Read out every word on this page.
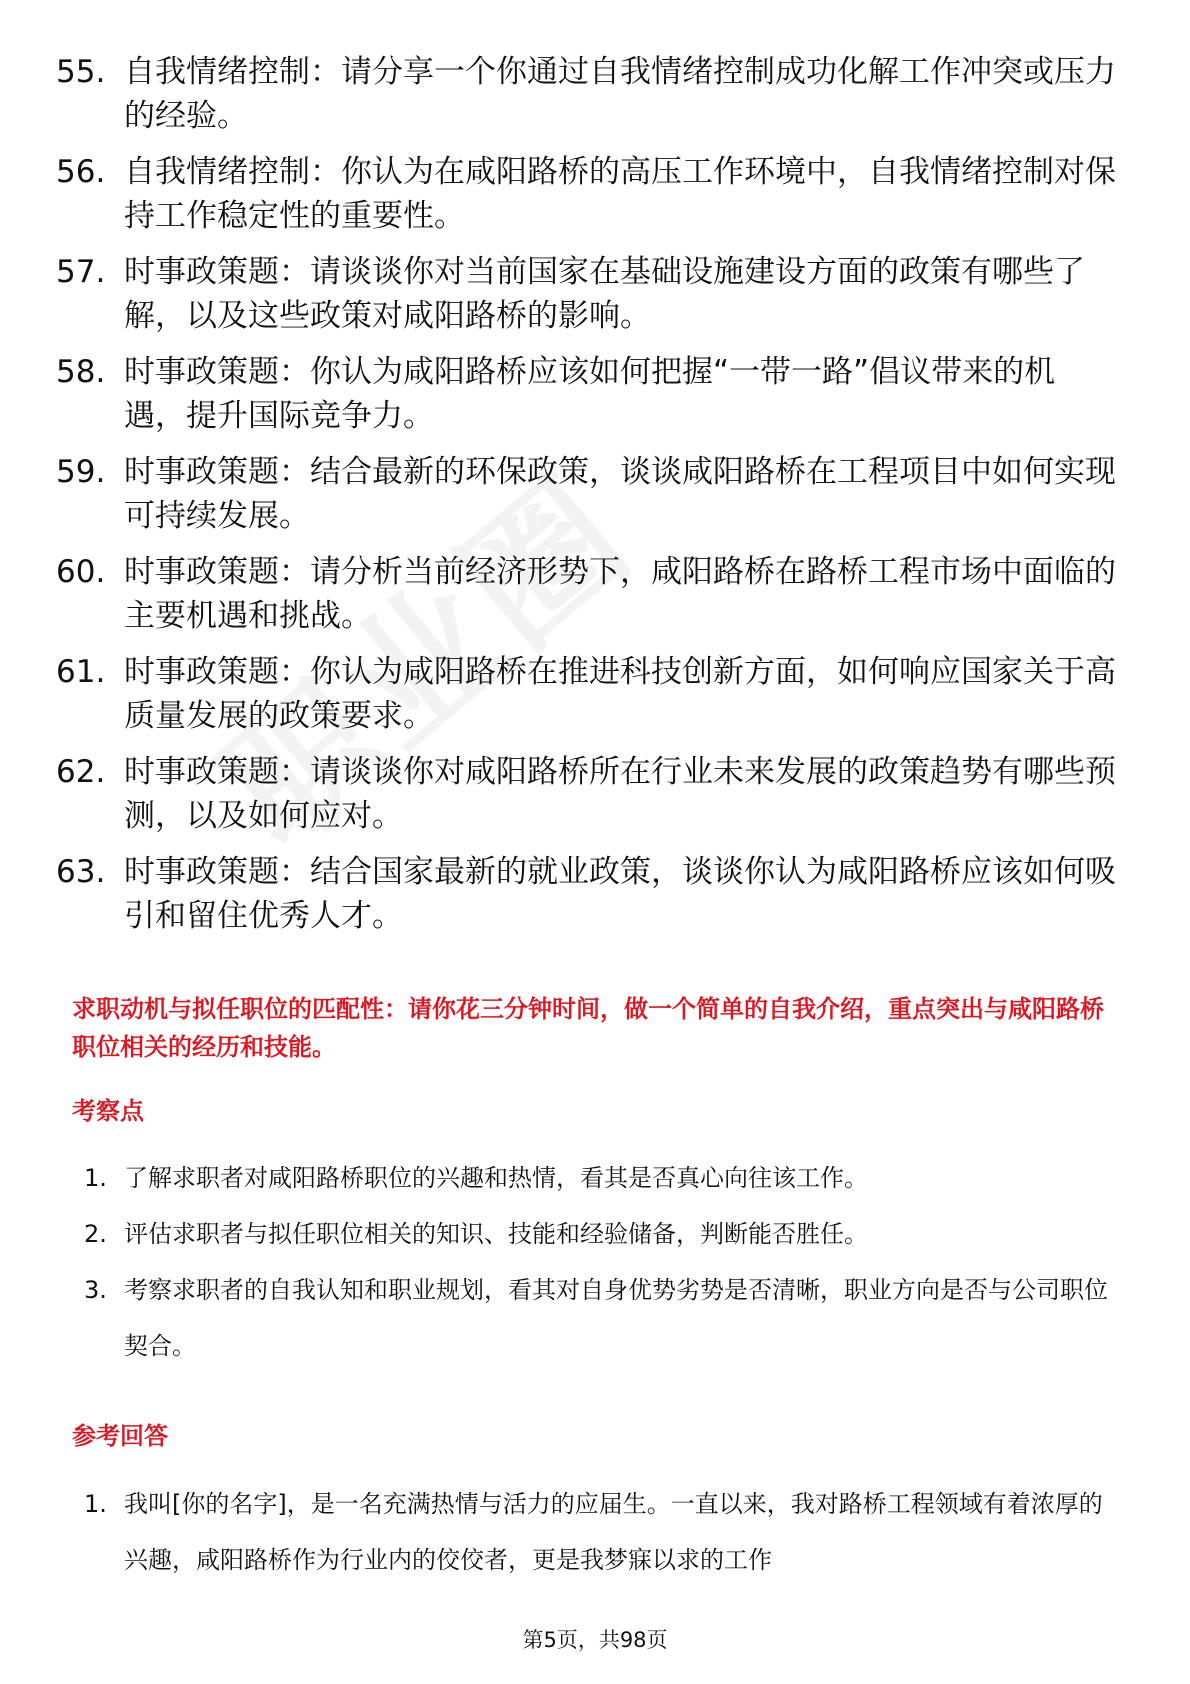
55. 自我情绪控制：请分享一个你通过自我情绪控制成功化解工作冲突或压力的经验。
56. 自我情绪控制：你认为在咸阳路桥的高压工作环境中，自我情绪控制对保持工作稳定性的重要性。
57. 时事政策题：请谈谈你对当前国家在基础设施建设方面的政策有哪些了解，以及这些政策对咸阳路桥的影响。
58. 时事政策题：你认为咸阳路桥应该如何把握“一带一路”倡议带来的机遇，提升国际竞争力。
59. 时事政策题：结合最新的环保政策，谈谈咸阳路桥在工程项目中如何实现可持续发展。
60. 时事政策题：请分析当前经济形势下，咸阳路桥在路桥工程市场中面临的主要机遇和挑战。
61. 时事政策题：你认为咸阳路桥在推进科技创新方面，如何响应国家关于高质量发展的政策要求。
62. 时事政策题：请谈谈你对咸阳路桥所在行业未来发展的政策趋势有哪些预测，以及如何应对。
63. 时事政策题：结合国家最新的就业政策，谈谈你认为咸阳路桥应该如何吸引和留住优秀人才。
求职动机与拟任职位的匹配性：请你花三分钟时间，做一个简单的自我介绍，重点突出与咸阳路桥职位相关的经历和技能。
考察点
1. 了解求职者对咸阳路桥职位的兴趣和热情，看其是否真心向往该工作。
2. 评估求职者与拟任职位相关的知识、技能和经验储备，判断能否胜任。
3. 考察求职者的自我认知和职业规划，看其对自身优势劣势是否清晰，职业方向是否与公司职位契合。
参考回答
1. 我叫[你的名字]，是一名充满热情与活力的应届生。一直以来，我对路桥工程领域有着浓厚的兴趣，咸阳路桥作为行业内的佼佼者，更是我梦寐以求的工作
第5页，共98页
